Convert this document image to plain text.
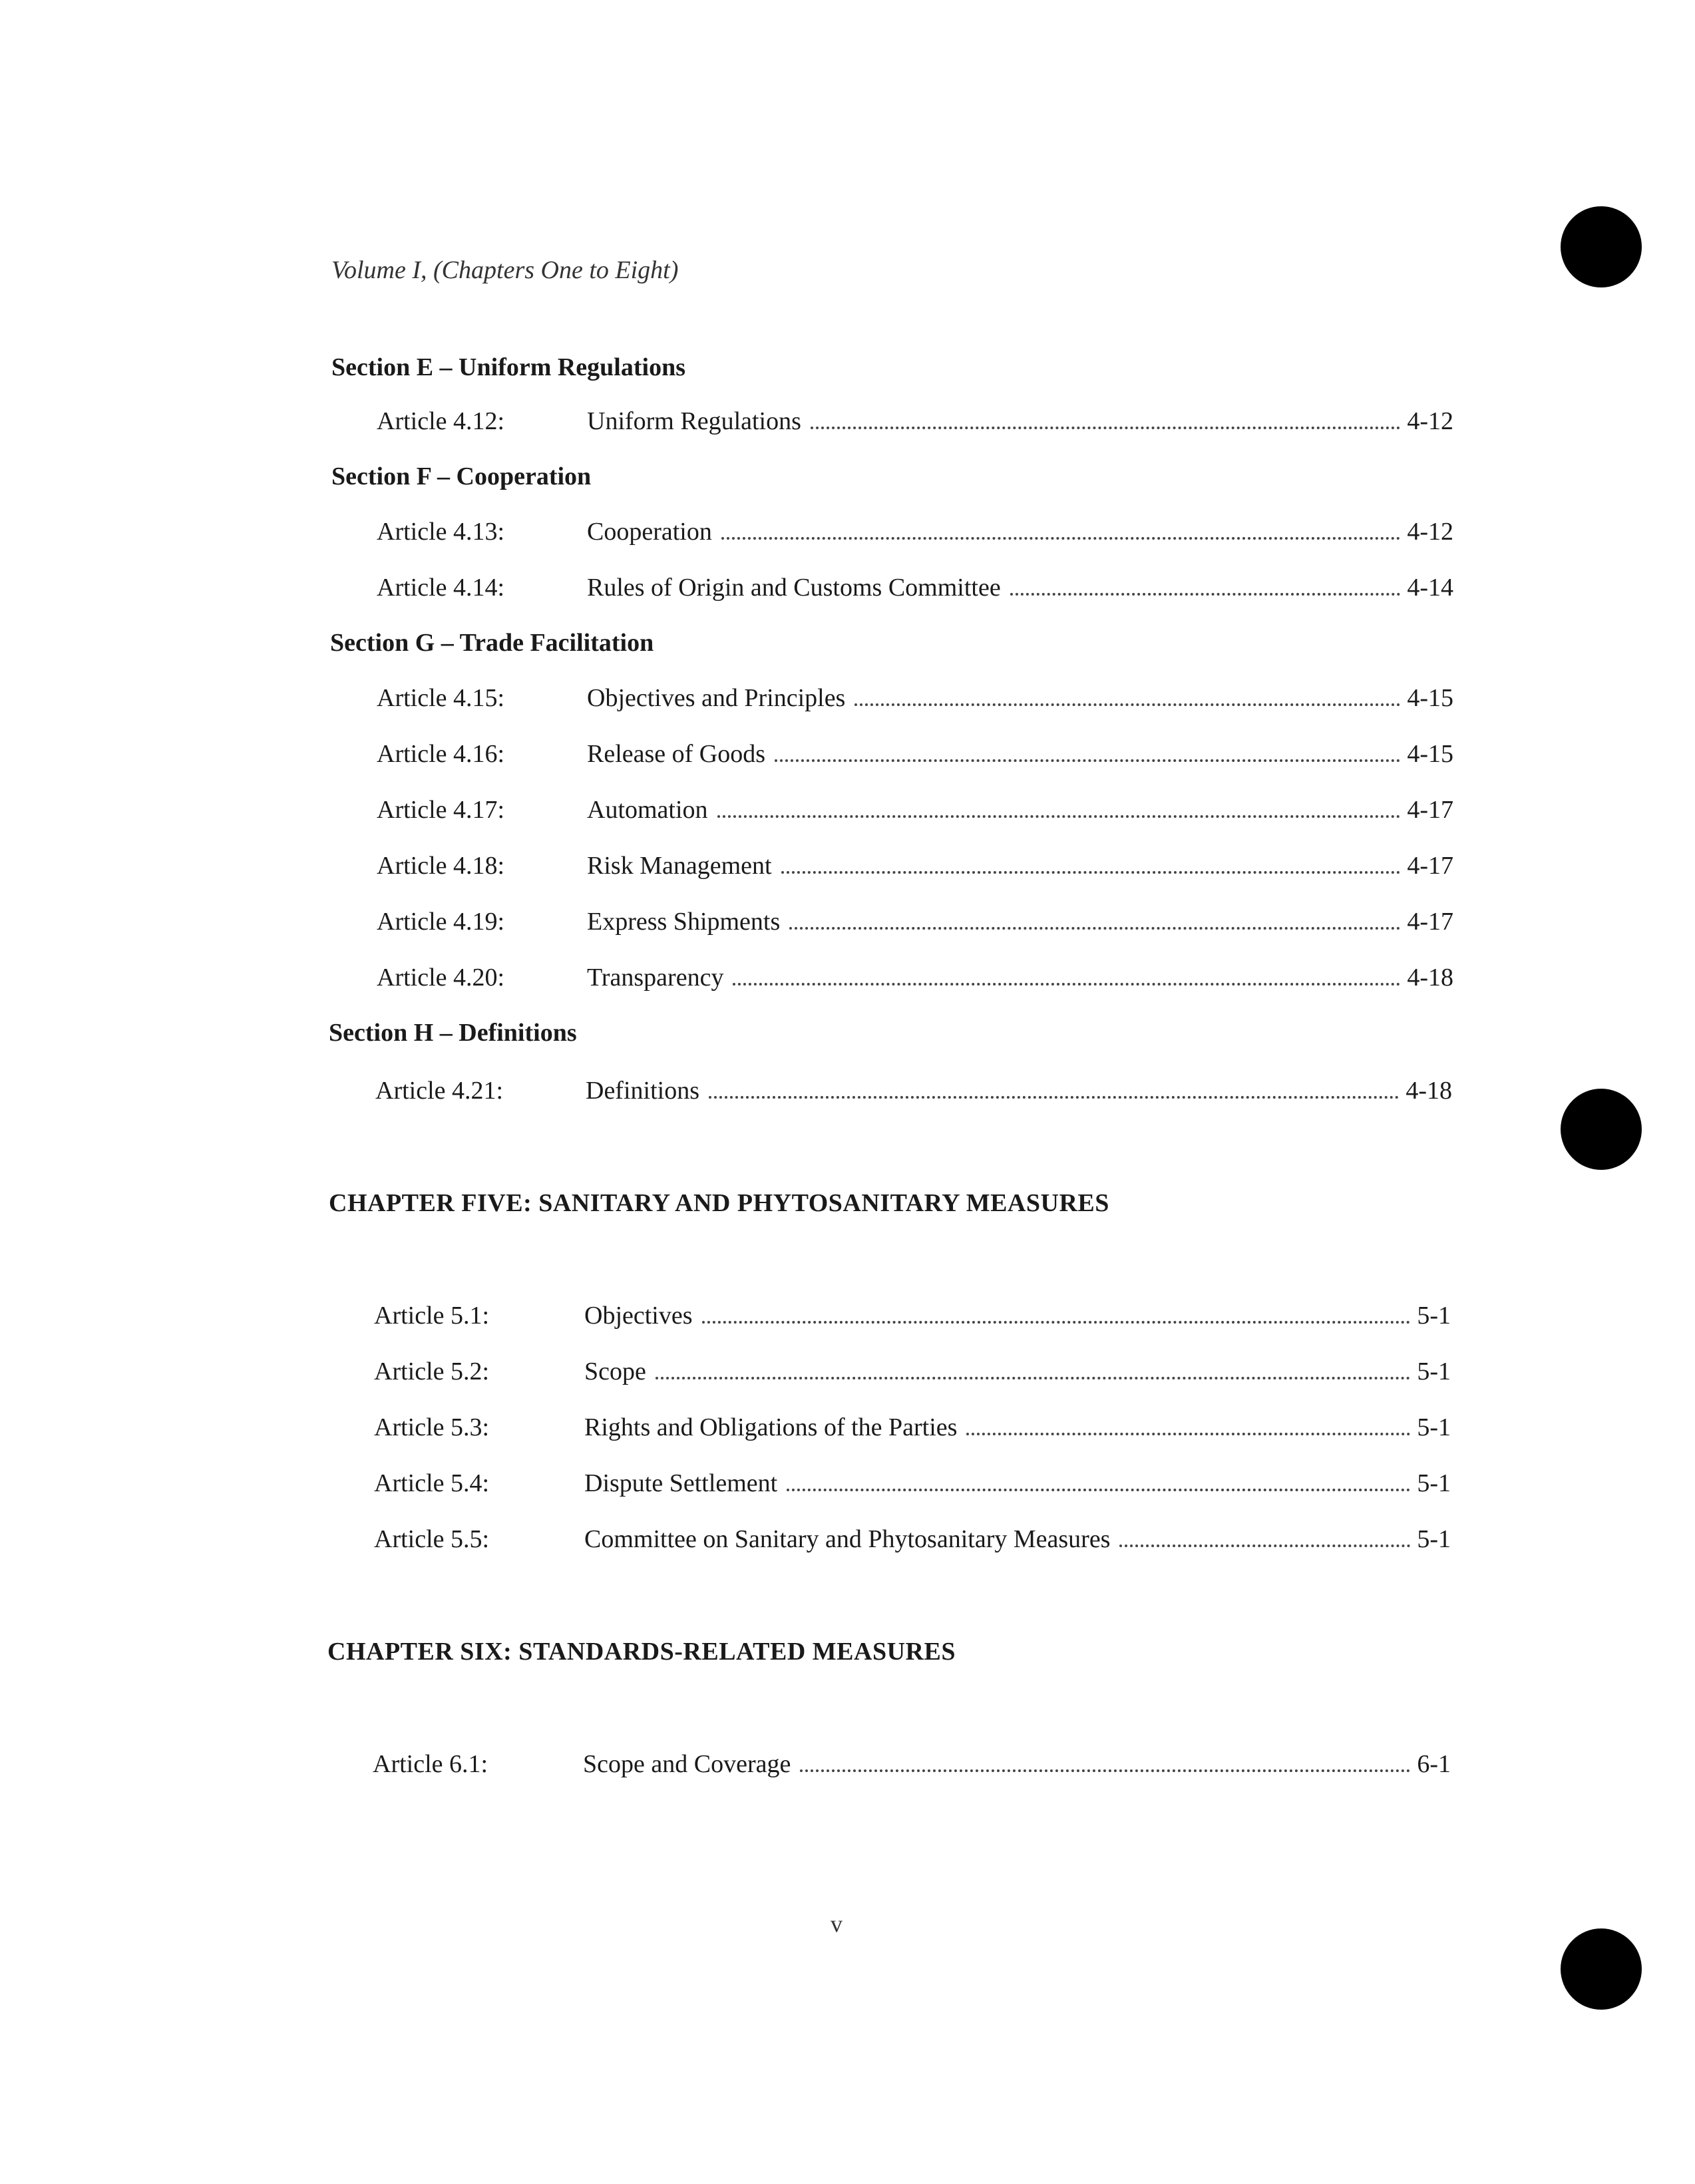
Volume I, (Chapters One to Eight)
Section E – Uniform Regulations
Article 4.12:	Uniform Regulations	4-12
Section F – Cooperation
Article 4.13:	Cooperation	4-12
Article 4.14:	Rules of Origin and Customs Committee	4-14
Section G – Trade Facilitation
Article 4.15:	Objectives and Principles	4-15
Article 4.16:	Release of Goods	4-15
Article 4.17:	Automation	4-17
Article 4.18:	Risk Management	4-17
Article 4.19:	Express Shipments	4-17
Article 4.20:	Transparency	4-18
Section H – Definitions
Article 4.21:	Definitions	4-18
CHAPTER FIVE: SANITARY AND PHYTOSANITARY MEASURES
Article 5.1:	Objectives	5-1
Article 5.2:	Scope	5-1
Article 5.3:	Rights and Obligations of the Parties	5-1
Article 5.4:	Dispute Settlement	5-1
Article 5.5:	Committee on Sanitary and Phytosanitary Measures	5-1
CHAPTER SIX: STANDARDS-RELATED MEASURES
Article 6.1:	Scope and Coverage	6-1
v
